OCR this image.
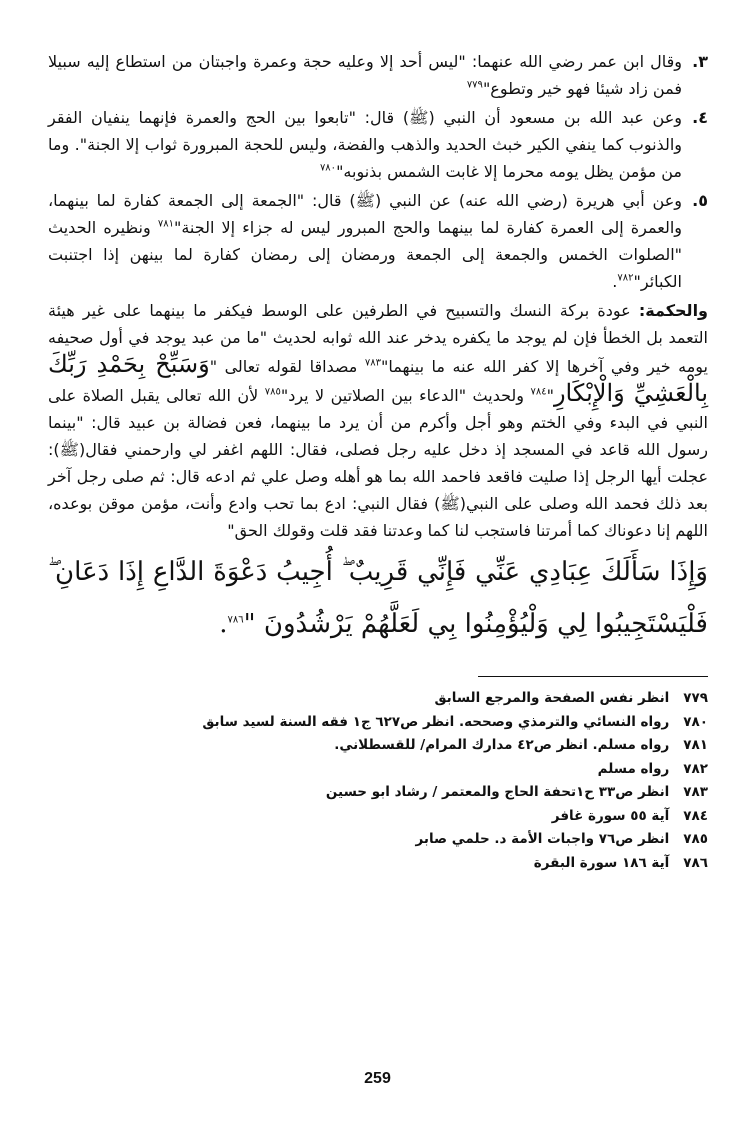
٣.
وقال ابن عمر رضي الله عنهما: "ليس أحد إلا وعليه حجة وعمرة واجبتان من استطاع إليه سبيلا فمن زاد شيئا فهو خير وتطوع"$^{٧٧٩}$
٤.
وعن عبد الله بن مسعود أن النبي (ﷺ) قال: "تابعوا بين الحج والعمرة فإنهما ينفيان الفقر والذنوب كما ينفي الكير خبث الحديد والذهب والفضة، وليس للحجة المبرورة ثواب إلا الجنة". وما من مؤمن يظل يومه محرما إلا غابت الشمس بذنوبه"$^{٧٨٠}$
٥.
وعن أبي هريرة (رضي الله عنه) عن النبي (ﷺ) قال: "الجمعة إلى الجمعة كفارة لما بينهما، والعمرة إلى العمرة كفارة لما بينهما والحج المبرور ليس له جزاء إلا الجنة"$^{٧٨١}$ ونظيره الحديث "الصلوات الخمس والجمعة إلى الجمعة ورمضان إلى رمضان كفارة لما بينهن إذا اجتنبت الكبائر"$^{٧٨٢}$.

والحكمة: عودة بركة النسك والتسبيح في الطرفين على الوسط فيكفر ما بينهما على غير هيئة التعمد بل الخطأ فإن لم يوجد ما يكفره يدخر عند الله ثوابه لحديث "ما من عبد يوجد في أول صحيفه يومه خير وفي آخرها إلا كفر الله عنه ما بينهما"$^{٧٨٣}$ مصداقا لقوله تعالى "وَسَبِّحْ بِحَمْدِ رَبِّكَ بِالْعَشِيِّ وَالْإِبْكَارِ"$^{٧٨٤}$ ولحديث "الدعاء بين الصلاتين لا يرد"$^{٧٨٥}$ لأن الله تعالى يقبل الصلاة على النبي في البدء وفي الختم وهو أجل وأكرم من أن يرد ما بينهما، فعن فضالة بن عبيد قال: "بينما رسول الله قاعد في المسجد إذ دخل عليه رجل فصلى، فقال: اللهم اغفر لي وارحمني فقال(ﷺ): عجلت أيها الرجل إذا صليت فاقعد فاحمد الله بما هو أهله وصل علي ثم ادعه قال: ثم صلى رجل آخر بعد ذلك فحمد الله وصلى على النبي(ﷺ) فقال النبي: ادع بما تحب وادع وأنت، مؤمن موقن بوعده، اللهم إنا دعوناك كما أمرتنا فاستجب لنا كما وعدتنا فقد قلت وقولك الحق"

وَإِذَا سَأَلَكَ عِبَادِي عَنِّي فَإِنِّي قَرِيبٌ ۖ أُجِيبُ دَعْوَةَ الدَّاعِ إِذَا دَعَانِ ۖ فَلْيَسْتَجِيبُوا لِي وَلْيُؤْمِنُوا بِي لَعَلَّهُمْ يَرْشُدُونَ "$^{٧٨٦}$.

٧٧٩ انظر نفس الصفحة والمرجع السابق
٧٨٠ رواه النسائي والترمذي وصححه. انظر ص٦٢٧ ج١ فقه السنة لسيد سابق
٧٨١ رواه مسلم. انظر ص٤٢ مدارك المرام/ للقسطلاني.
٧٨٢ رواه مسلم
٧٨٣ انظر ص٣٣ ح١تحفة الحاج والمعتمر / رشاد ابو حسين
٧٨٤ آية ٥٥ سورة غافر
٧٨٥ انظر ص٧٦ واجبات الأمة د. حلمي صابر
٧٨٦ آية ١٨٦ سورة البقرة
259
